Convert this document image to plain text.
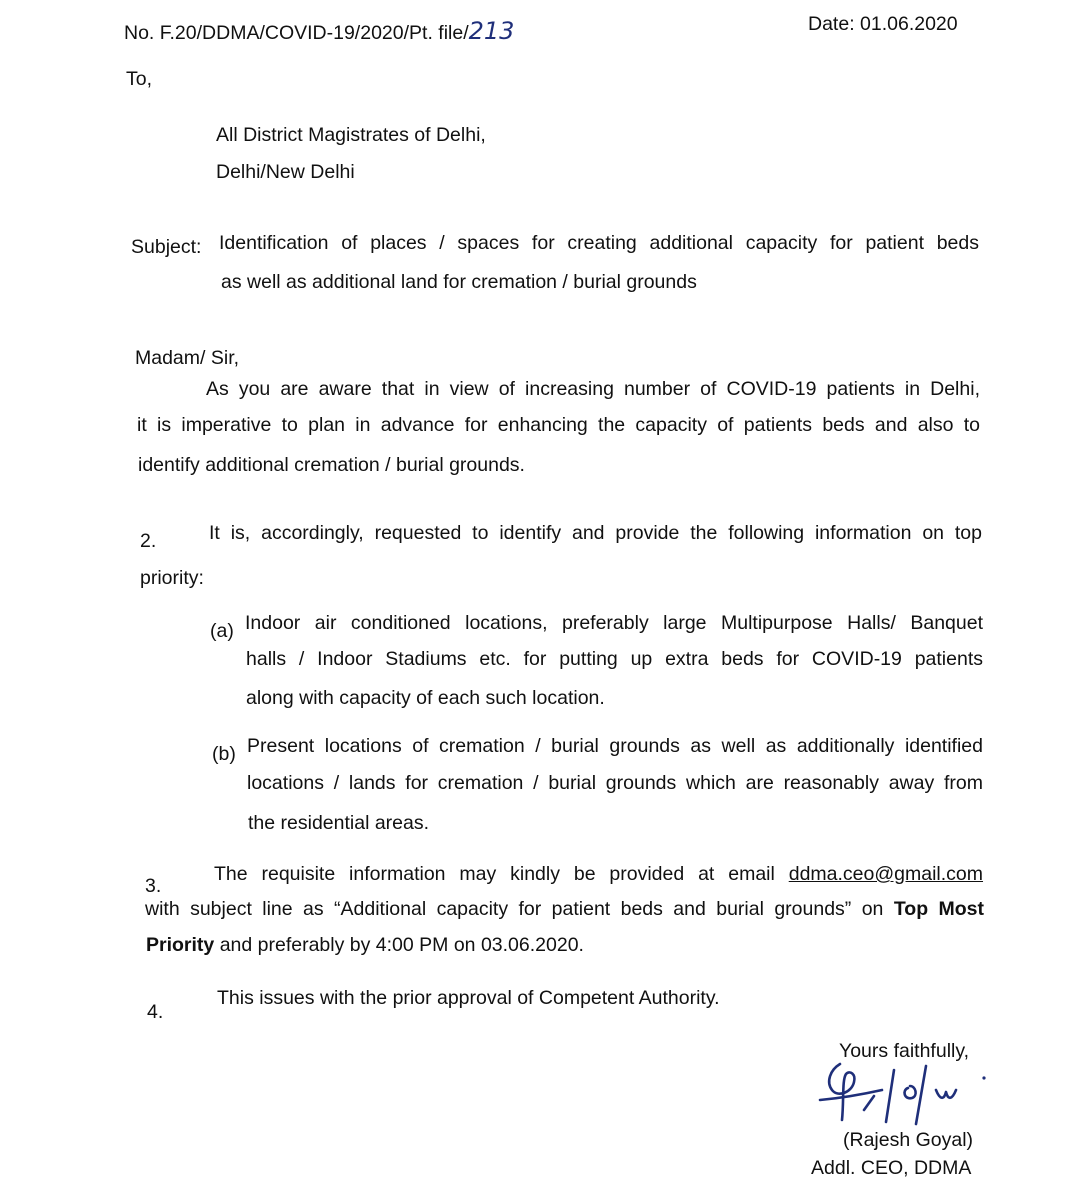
No. F.20/DDMA/COVID-19/2020/Pt. file/213	Date: 01.06.2020
To,
All District Magistrates of Delhi,
Delhi/New Delhi
Subject: Identification of places / spaces for creating additional capacity for patient beds
as well as additional land for cremation / burial grounds
Madam/ Sir,
As you are aware that in view of increasing number of COVID-19 patients in Delhi,
it is imperative to plan in advance for enhancing the capacity of patients beds and also to
identify additional cremation / burial grounds.
2.	It is, accordingly, requested to identify and provide the following information on top
priority:
(a) Indoor air conditioned locations, preferably large Multipurpose Halls/ Banquet
halls / Indoor Stadiums etc. for putting up extra beds for COVID-19 patients
along with capacity of each such location.
(b) Present locations of cremation / burial grounds as well as additionally identified
locations / lands for cremation / burial grounds which are reasonably away from
the residential areas.
3.
The requisite information may kindly be provided at email ddma.ceo@gmail.com
with subject line as “Additional capacity for patient beds and burial grounds” on Top Most
Priority and preferably by 4:00 PM on 03.06.2020.
4.
This issues with the prior approval of Competent Authority.
Yours faithfully,
(Rajesh Goyal)
Addl. CEO, DDMA
